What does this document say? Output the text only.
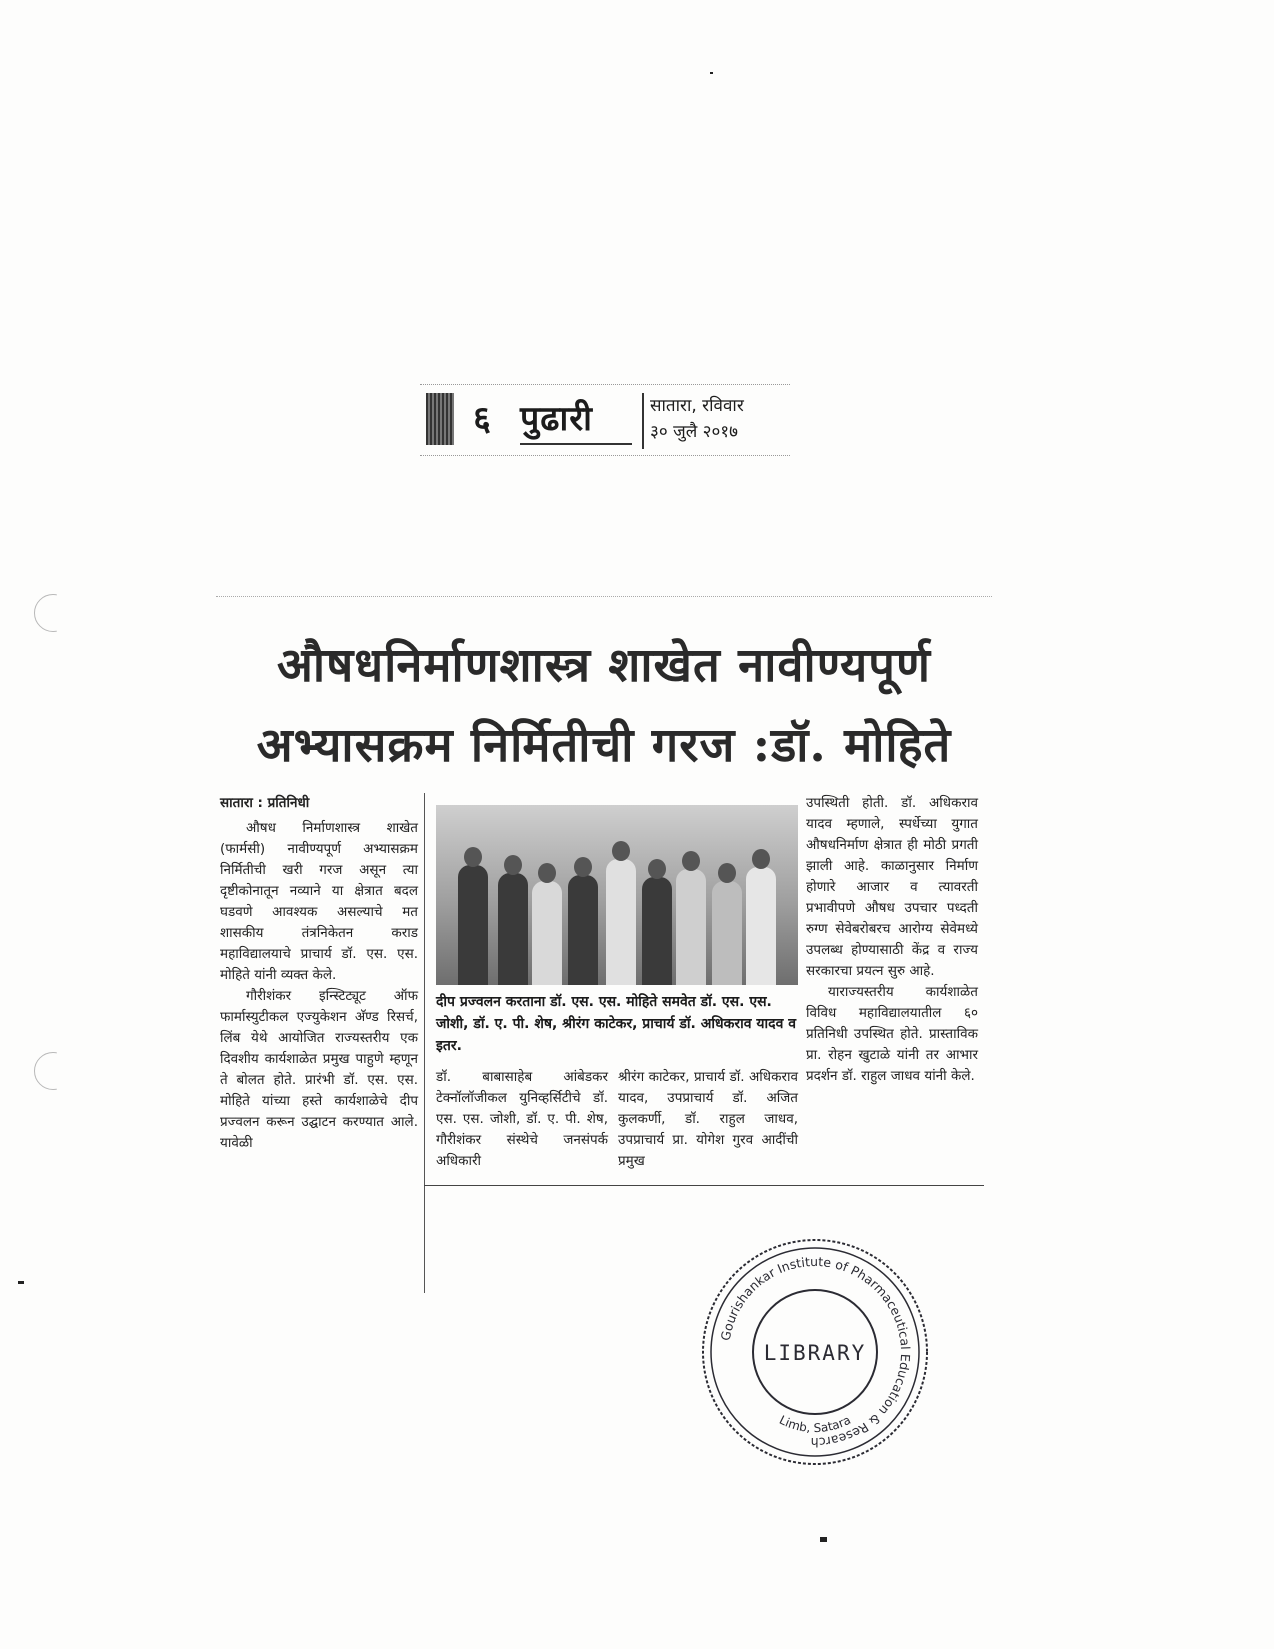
६ पुढारी	सातारा, रविवार
३० जुलै २०१७
औषधनिर्माणशास्त्र शाखेत नावीण्यपूर्ण
अभ्यासक्रम निर्मितीची गरज :डॉ. मोहिते
सातारा : प्रतिनिधी
औषध निर्माणशास्त्र शाखेत (फार्मसी) नावीण्यपूर्ण अभ्यासक्रम निर्मितीची खरी गरज असून त्या दृष्टीकोनातून नव्याने या क्षेत्रात बदल घडवणे आवश्यक असल्याचे मत शासकीय तंत्रनिकेतन कराड महाविद्यालयाचे प्राचार्य डॉ. एस. एस. मोहिते यांनी व्यक्त केले.
गौरीशंकर इन्स्टिट्यूट ऑफ फार्मास्युटीकल एज्युकेशन अ‍ॅण्ड रिसर्च, लिंब येथे आयोजित राज्यस्तरीय एक दिवशीय कार्यशाळेत प्रमुख पाहुणे म्हणून ते बोलत होते. प्रारंभी डॉ. एस. एस. मोहिते यांच्या हस्ते कार्यशाळेचे दीप प्रज्वलन करून उद्घाटन करण्यात आले. यावेळी
दीप प्रज्वलन करताना डॉ. एस. एस. मोहिते समवेत डॉ. एस. एस. जोशी, डॉ. ए. पी. शेष, श्रीरंग काटेकर, प्राचार्य डॉ. अधिकराव यादव व इतर.
डॉ. बाबासाहेब आंबेडकर टेक्नॉलॉजीकल युनिव्हर्सिटीचे डॉ. एस. एस. जोशी, डॉ. ए. पी. शेष, गौरीशंकर संस्थेचे जनसंपर्क अधिकारी
श्रीरंग काटेकर, प्राचार्य डॉ. अधिकराव यादव, उपप्राचार्य डॉ. अजित कुलकर्णी, डॉ. राहुल जाधव, उपप्राचार्य प्रा. योगेश गुरव आदींची प्रमुख
उपस्थिती होती. डॉ. अधिकराव यादव म्हणाले, स्पर्धेच्या युगात औषधनिर्माण क्षेत्रात ही मोठी प्रगती झाली आहे. काळानुसार निर्माण होणारे आजार व त्यावरती प्रभावीपणे औषध उपचार पध्दती रुग्ण सेवेबरोबरच आरोग्य सेवेमध्ये उपलब्ध होण्यासाठी केंद्र व राज्य सरकारचा प्रयत्न सुरु आहे.
याराज्यस्तरीय कार्यशाळेत विविध महाविद्यालयातील ६० प्रतिनिधी उपस्थित होते. प्रास्ताविक प्रा. रोहन खुटाळे यांनी तर आभार प्रदर्शन डॉ. राहुल जाधव यांनी केले.
Gourishankar Institute of Pharmaceutical Education & Research
Limb, Satara
LIBRARY
